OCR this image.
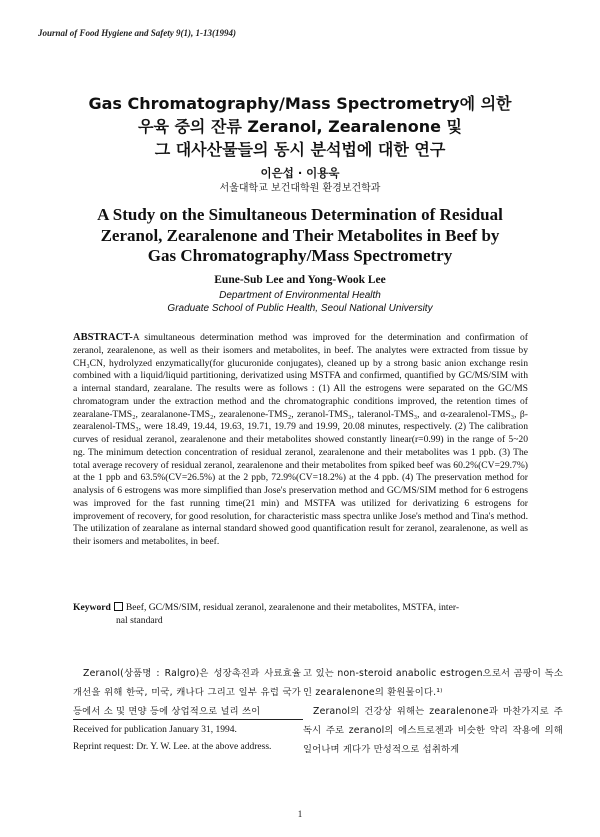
Journal of Food Hygiene and Safety 9(1), 1-13(1994)
Gas Chromatography/Mass Spectrometry에 의한
우육 중의 잔류 Zeranol, Zearalenone 및
그 대사산물들의 동시 분석법에 대한 연구
이은섭 · 이용욱
서울대학교 보건대학원 환경보건학과
A Study on the Simultaneous Determination of Residual
Zeranol, Zearalenone and Their Metabolites in Beef by
Gas Chromatography/Mass Spectrometry
Eune-Sub Lee and Yong-Wook Lee
Department of Environmental Health
Graduate School of Public Health, Seoul National University
ABSTRACT-A simultaneous determination method was improved for the determination and confirmation of zeranol, zearalenone, as well as their isomers and metabolites, in beef. The analytes were extracted from tissue by CH₃CN, hydrolyzed enzymatically(for glucuronide conjugates), cleaned up by a strong basic anion exchange resin combined with a liquid/liquid partitioning, derivatized using MSTFA and confirmed, quantified by GC/MS/SIM with a internal standard, zearalane. The results were as follows : (1) All the estrogens were separated on the GC/MS chromatogram under the extraction method and the chromatographic conditions improved, the retention times of zearalane-TMS₂, zearalanone-TMS₂, zearalenone-TMS₂, zeranol-TMS₃, taleranol-TMS₃, and α-zearalenol-TMS₃, β-zearalenol-TMS₃, were 18.49, 19.44, 19.63, 19.71, 19.79 and 19.99, 20.08 minutes, respectively. (2) The calibration curves of residual zeranol, zearalenone and their metabolites showed constantly linear(r=0.99) in the range of 5~20 ng. The minimum detection concentration of residual zeranol, zearalenone and their metabolites was 1 ppb. (3) The total average recovery of residual zeranol, zearalenone and their metabolites from spiked beef was 60.2%(CV=29.7%) at the 1 ppb and 63.5%(CV=26.5%) at the 2 ppb, 72.9%(CV=18.2%) at the 4 ppb. (4) The preservation method for analysis of 6 estrogens was more simplified than Jose's preservation method and GC/MS/SIM method for 6 estrogens was improved for the fast running time(21 min) and MSTFA was utilized for derivatizing 6 estrogens for improvement of recovery, for good resolution, for characteristic mass spectra unlike Jose's method and Tina's method. The utilization of zearalane as internal standard showed good quantification result for zeranol, zearalenone, as well as their isomers and metabolites, in beef.
Keyword Beef, GC/MS/SIM, residual zeranol, zearalenone and their metabolites, MSTFA, inter-
nal standard

Zeranol(상품명 : Ralgro)은 성장촉진과 사료효율 개선을 위해 한국, 미국, 캐나다 그리고 일부 유럽 국가 등에서 소 및 면양 등에 상업적으로 널리 쓰이

Received for publication January 31, 1994.
Reprint request: Dr. Y. W. Lee. at the above address.

고 있는 non-steroid anabolic estrogen으로서 곰팡이 독소인 zearalenone의 환원물이다.¹⁾

Zeranol의 건강상 위해는 zearalenone과 마찬가지로 주독시 주로 zeranol의 에스트로젠과 비슷한 약리 작용에 의해 일어나며 게다가 만성적으로 섭취하게

1
